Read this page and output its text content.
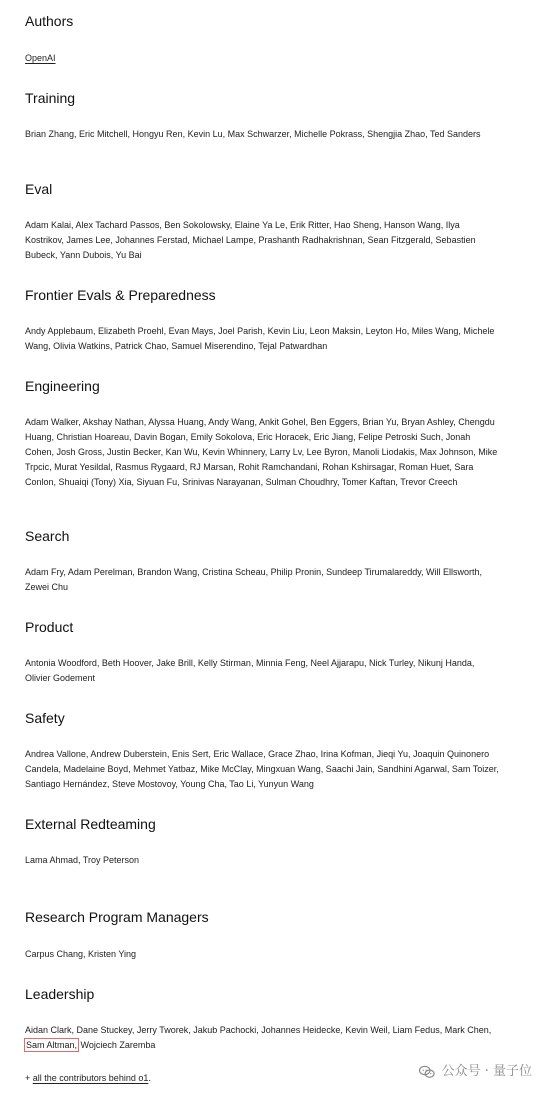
Authors

OpenAI

Training

Brian Zhang, Eric Mitchell, Hongyu Ren, Kevin Lu, Max Schwarzer, Michelle Pokrass, Shengjia Zhao, Ted Sanders

Eval

Adam Kalai, Alex Tachard Passos, Ben Sokolowsky, Elaine Ya Le, Erik Ritter, Hao Sheng, Hanson Wang, Ilya Kostrikov, James Lee, Johannes Ferstad, Michael Lampe, Prashanth Radhakrishnan, Sean Fitzgerald, Sebastien Bubeck, Yann Dubois, Yu Bai

Frontier Evals & Preparedness

Andy Applebaum, Elizabeth Proehl, Evan Mays, Joel Parish, Kevin Liu, Leon Maksin, Leyton Ho, Miles Wang, Michele Wang, Olivia Watkins, Patrick Chao, Samuel Miserendino, Tejal Patwardhan

Engineering

Adam Walker, Akshay Nathan, Alyssa Huang, Andy Wang, Ankit Gohel, Ben Eggers, Brian Yu, Bryan Ashley, Chengdu Huang, Christian Hoareau, Davin Bogan, Emily Sokolova, Eric Horacek, Eric Jiang, Felipe Petroski Such, Jonah Cohen, Josh Gross, Justin Becker, Kan Wu, Kevin Whinnery, Larry Lv, Lee Byron, Manoli Liodakis, Max Johnson, Mike Trpcic, Murat Yesildal, Rasmus Rygaard, RJ Marsan, Rohit Ramchandani, Rohan Kshirsagar, Roman Huet, Sara Conlon, Shuaiqi (Tony) Xia, Siyuan Fu, Srinivas Narayanan, Sulman Choudhry, Tomer Kaftan, Trevor Creech

Search

Adam Fry, Adam Perelman, Brandon Wang, Cristina Scheau, Philip Pronin, Sundeep Tirumalareddy, Will Ellsworth, Zewei Chu

Product

Antonia Woodford, Beth Hoover, Jake Brill, Kelly Stirman, Minnia Feng, Neel Ajjarapu, Nick Turley, Nikunj Handa, Olivier Godement

Safety

Andrea Vallone, Andrew Duberstein, Enis Sert, Eric Wallace, Grace Zhao, Irina Kofman, Jieqi Yu, Joaquin Quinonero Candela, Madelaine Boyd, Mehmet Yatbaz, Mike McClay, Mingxuan Wang, Saachi Jain, Sandhini Agarwal, Sam Toizer, Santiago Hernández, Steve Mostovoy, Young Cha, Tao Li, Yunyun Wang

External Redteaming

Lama Ahmad, Troy Peterson

Research Program Managers

Carpus Chang, Kristen Ying

Leadership

Aidan Clark, Dane Stuckey, Jerry Tworek, Jakub Pachocki, Johannes Heidecke, Kevin Weil, Liam Fedus, Mark Chen, Sam Altman, Wojciech Zaremba

+ all the contributors behind o1.	公众号 · 量子位
